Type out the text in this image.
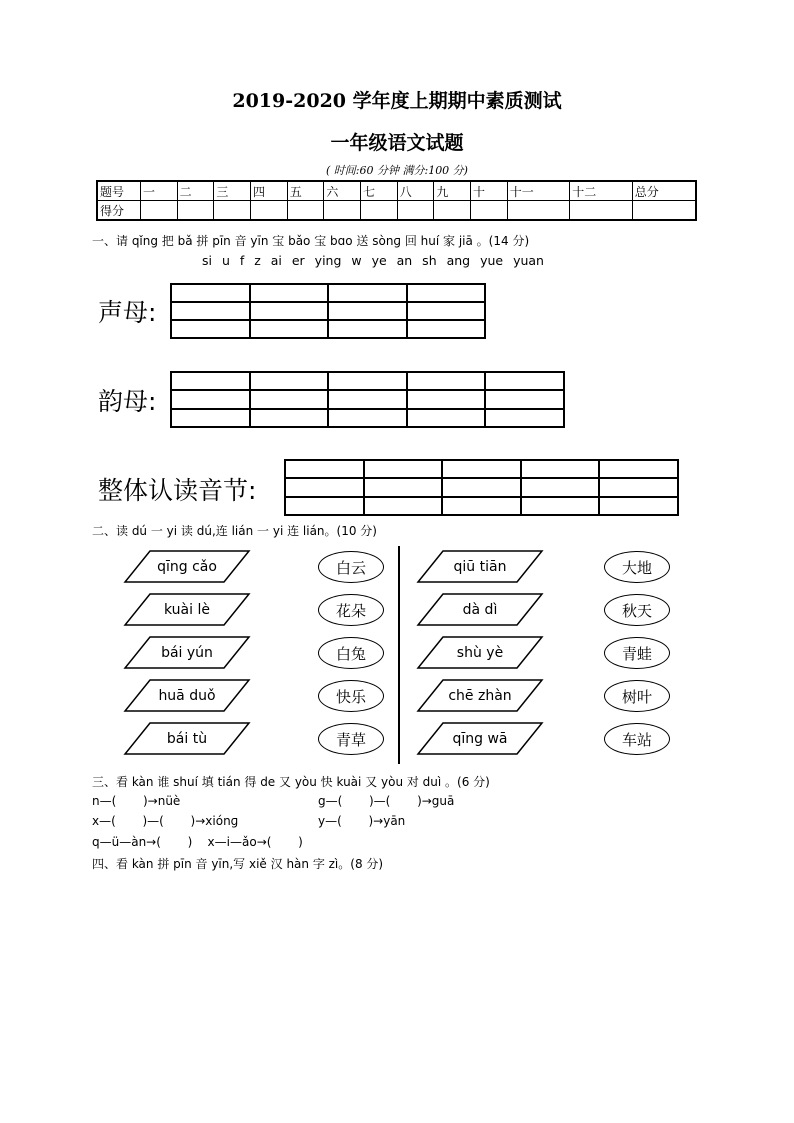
2019-2020 学年度上期期中素质测试
一年级语文试题
( 时间:60 分钟 满分:100 分)
题号	一	二	三	四	五	六	七	八	九	十	十一	十二	总分
得分													
一、请 qǐng 把 bǎ 拼 pīn 音 yīn 宝 bǎo 宝 bɑo 送 sònɡ 回 huí 家 jiā 。(14 分)
si u f z ai er ying w ye an sh ang yue yuan
声母:
韵母:
整体认读音节:
二、读 dú 一 yi 读 dú,连 lián 一 yi 连 lián。(10 分)
qīng cǎo
kuài lè
bái yún
huā duǒ
bái tù
qiū tiān
dà dì
shù yè
chē zhàn
qīng wā
白云
花朵
白兔
快乐
青草
大地
秋天
青蛙
树叶
车站
三、看 kàn 谁 shuí 填 tián 得 de 又 yòu 快 kuài 又 yòu 对 duì 。(6 分)
n—(       )→nüè	g—(       )—(       )→guā
x—(       )—(       )→xiónɡ	y—(       )→yān
q—ü—àn→(       )    x—i—ǎo→(       )
四、看 kàn 拼 pīn 音 yīn,写 xiě 汉 hàn 字 zì。(8 分)
